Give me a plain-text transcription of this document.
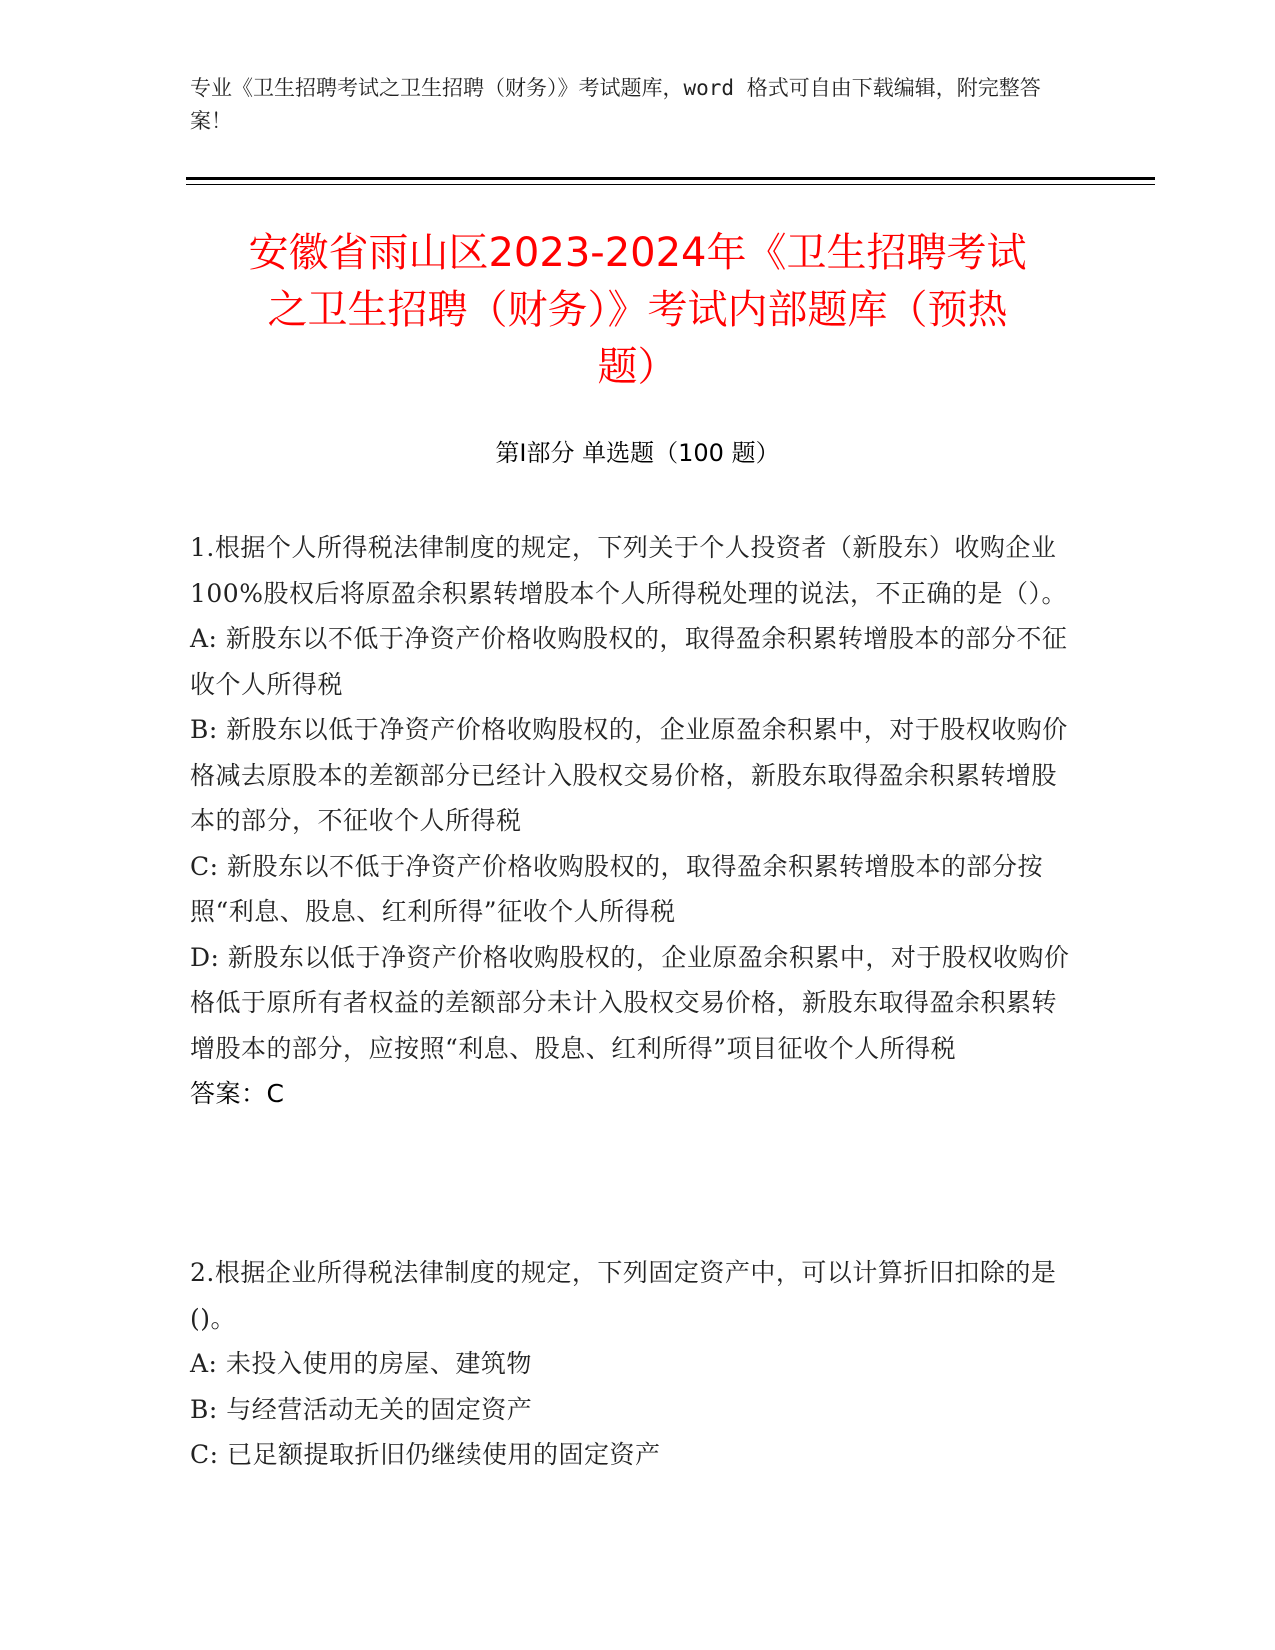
专业《卫生招聘考试之卫生招聘（财务）》考试题库，word 格式可自由下载编辑，附完整答案！
安徽省雨山区2023-2024年《卫生招聘考试
之卫生招聘（财务）》考试内部题库（预热
题）
第Ⅰ部分 单选题（100 题）

1.根据个人所得税法律制度的规定，下列关于个人投资者（新股东）收购企业100%股权后将原盈余积累转增股本个人所得税处理的说法，不正确的是（）。

A: 新股东以不低于净资产价格收购股权的，取得盈余积累转增股本的部分不征收个人所得税

B: 新股东以低于净资产价格收购股权的，企业原盈余积累中，对于股权收购价格减去原股本的差额部分已经计入股权交易价格，新股东取得盈余积累转增股本的部分，不征收个人所得税

C: 新股东以不低于净资产价格收购股权的，取得盈余积累转增股本的部分按照“利息、股息、红利所得”征收个人所得税

D: 新股东以低于净资产价格收购股权的，企业原盈余积累中，对于股权收购价格低于原所有者权益的差额部分未计入股权交易价格，新股东取得盈余积累转增股本的部分，应按照“利息、股息、红利所得”项目征收个人所得税

答案：C

2.根据企业所得税法律制度的规定，下列固定资产中，可以计算折旧扣除的是()。

A: 未投入使用的房屋、建筑物

B: 与经营活动无关的固定资产

C: 已足额提取折旧仍继续使用的固定资产
